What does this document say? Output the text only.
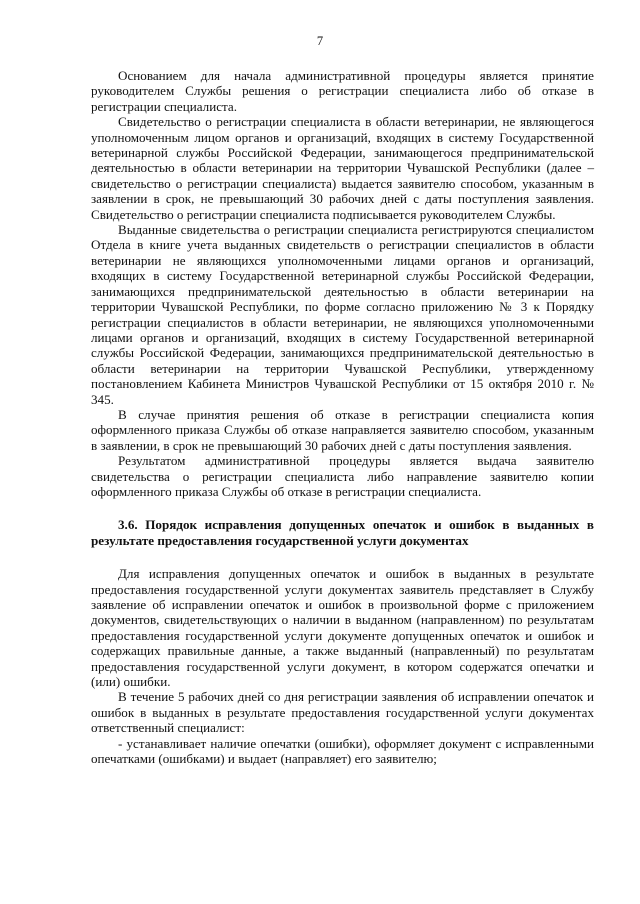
7

Основанием для начала административной процедуры является принятие руководителем Службы решения о регистрации специалиста либо об отказе в регистрации специалиста.

Свидетельство о регистрации специалиста в области ветеринарии, не являющегося уполномоченным лицом органов и организаций, входящих в систему Государственной ветеринарной службы Российской Федерации, занимающегося предпринимательской деятельностью в области ветеринарии на территории Чувашской Республики (далее – свидетельство о регистрации специалиста) выдается заявителю способом, указанным в заявлении в срок, не превышающий 30 рабочих дней с даты поступления заявления. Свидетельство о регистрации специалиста подписывается руководителем Службы.

Выданные свидетельства о регистрации специалиста регистрируются специалистом Отдела в книге учета выданных свидетельств о регистрации специалистов в области ветеринарии не являющихся уполномоченными лицами органов и организаций, входящих в систему Государственной ветеринарной службы Российской Федерации, занимающихся предпринимательской деятельностью в области ветеринарии на территории Чувашской Республики, по форме согласно приложению № 3 к Порядку регистрации специалистов в области ветеринарии, не являющихся уполномоченными лицами органов и организаций, входящих в систему Государственной ветеринарной службы Российской Федерации, занимающихся предпринимательской деятельностью в области ветеринарии на территории Чувашской Республики, утвержденному постановлением Кабинета Министров Чувашской Республики от 15 октября 2010 г. № 345.

В случае принятия решения об отказе в регистрации специалиста копия оформленного приказа Службы об отказе направляется заявителю способом, указанным в заявлении, в срок не превышающий 30 рабочих дней с даты поступления заявления.

Результатом административной процедуры является выдача заявителю свидетельства о регистрации специалиста либо направление заявителю копии оформленного приказа Службы об отказе в регистрации специалиста.

3.6. Порядок исправления допущенных опечаток и ошибок в выданных в результате предоставления государственной услуги документах

Для исправления допущенных опечаток и ошибок в выданных в результате предоставления государственной услуги документах заявитель представляет в Службу заявление об исправлении опечаток и ошибок в произвольной форме с приложением документов, свидетельствующих о наличии в выданном (направленном) по результатам предоставления государственной услуги документе допущенных опечаток и ошибок и содержащих правильные данные, а также выданный (направленный) по результатам предоставления государственной услуги документ, в котором содержатся опечатки и (или) ошибки.

В течение 5 рабочих дней со дня регистрации заявления об исправлении опечаток и ошибок в выданных в результате предоставления государственной услуги документах ответственный специалист:

- устанавливает наличие опечатки (ошибки), оформляет документ с исправленными опечатками (ошибками) и выдает (направляет) его заявителю;
